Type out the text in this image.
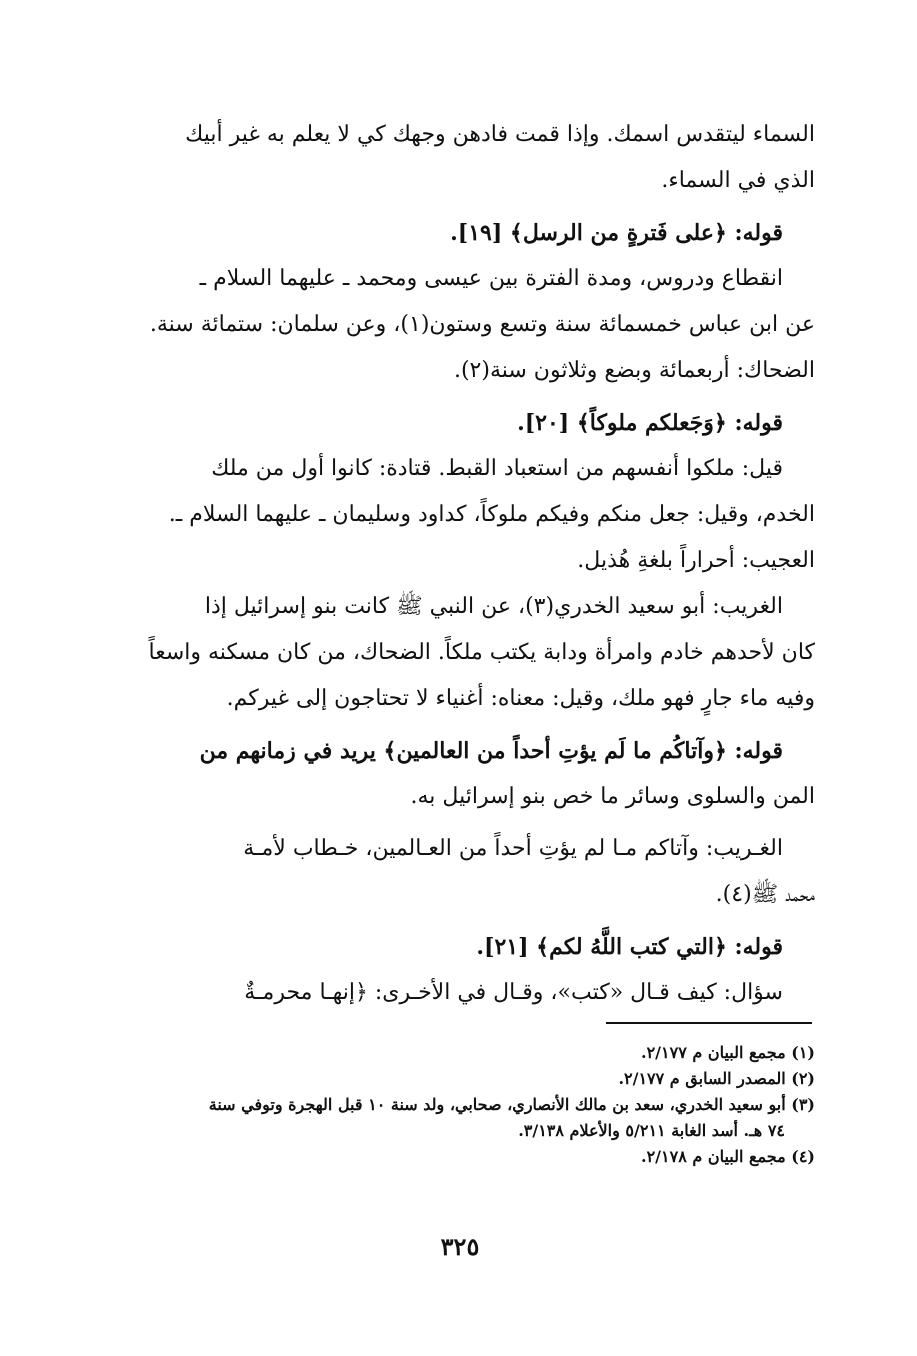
السماء ليتقدس اسمك. وإذا قمت فادهن وجهك كي لا يعلم به غير أبيك
الذي في السماء.
قوله: ﴿على فَترةٍ من الرسل﴾ [١٩].
انقطاع ودروس، ومدة الفترة بين عيسى ومحمد ـ عليهما السلام ـ
عن ابن عباس خمسمائة سنة وتسع وستون(١)، وعن سلمان: ستمائة سنة.
الضحاك: أربعمائة وبضع وثلاثون سنة(٢).
قوله: ﴿وَجَعلكم ملوكاً﴾ [٢٠].
قيل: ملكوا أنفسهم من استعباد القبط. قتادة: كانوا أول من ملك
الخدم، وقيل: جعل منكم وفيكم ملوكاً، كداود وسليمان ـ عليهما السلام ـ.
العجيب: أحراراً بلغةِ هُذيل.
الغريب: أبو سعيد الخدري(٣)، عن النبي ﷺ كانت بنو إسرائيل إذا
كان لأحدهم خادم وامرأة ودابة يكتب ملكاً. الضحاك، من كان مسكنه واسعاً
وفيه ماء جارٍ فهو ملك، وقيل: معناه: أغنياء لا تحتاجون إلى غيركم.
قوله: ﴿وآتاكُم ما لَم يؤتِ أحداً من العالمين﴾ يريد في زمانهم من
المن والسلوى وسائر ما خص بنو إسرائيل به.
الغـريب: وآتاكم مـا لم يؤتِ أحداً من العـالمين، خـطاب لأمـة
محمد ﷺ(٤).
قوله: ﴿التي كتب اللَّهُ لكم﴾ [٢١].
سؤال: كيف قـال «كتب»، وقـال في الأخـرى: ﴿إنهـا محرمـةٌ
(١) مجمع البيان م ٢/١٧٧.
(٢) المصدر السابق م ٢/١٧٧.
(٣) أبو سعيد الخدري، سعد بن مالك الأنصاري، صحابي، ولد سنة ١٠ قبل الهجرة وتوفي سنة
٧٤ هـ. أسد الغابة ٥/٢١١ والأعلام ٣/١٣٨.
(٤) مجمع البيان م ٢/١٧٨.
٣٢٥
